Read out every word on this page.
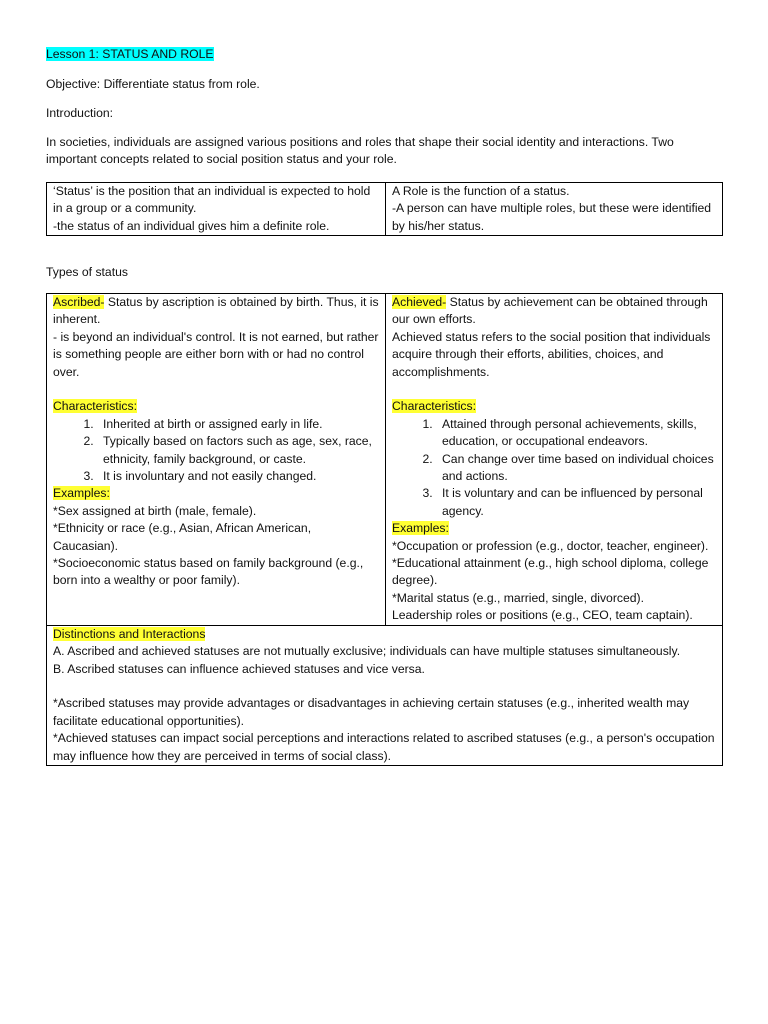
Lesson 1: STATUS AND ROLE

Objective: Differentiate status from role.

Introduction:

In societies, individuals are assigned various positions and roles that shape their social identity and interactions. Two important concepts related to social position status and your role.

‘Status’ is the position that an individual is expected to hold in a group or a community.
-the status of an individual gives him a definite role.

A Role is the function of a status.
-A person can have multiple roles, but these were identified by his/her status.

Types of status

Ascribed- Status by ascription is obtained by birth. Thus, it is inherent.
- is beyond an individual's control. It is not earned, but rather is something people are either born with or had no control over.
Characteristics:
1. Inherited at birth or assigned early in life.
2. Typically based on factors such as age, sex, race, ethnicity, family background, or caste.
3. It is involuntary and not easily changed.
Examples:
*Sex assigned at birth (male, female).
*Ethnicity or race (e.g., Asian, African American, Caucasian).
*Socioeconomic status based on family background (e.g., born into a wealthy or poor family).

Achieved- Status by achievement can be obtained through our own efforts.
Achieved status refers to the social position that individuals acquire through their efforts, abilities, choices, and accomplishments.
Characteristics:
1. Attained through personal achievements, skills, education, or occupational endeavors.
2. Can change over time based on individual choices and actions.
3. It is voluntary and can be influenced by personal agency.
Examples:
*Occupation or profession (e.g., doctor, teacher, engineer).
*Educational attainment (e.g., high school diploma, college degree).
*Marital status (e.g., married, single, divorced).
Leadership roles or positions (e.g., CEO, team captain).

Distinctions and Interactions
A. Ascribed and achieved statuses are not mutually exclusive; individuals can have multiple statuses simultaneously.
B. Ascribed statuses can influence achieved statuses and vice versa.
*Ascribed statuses may provide advantages or disadvantages in achieving certain statuses (e.g., inherited wealth may facilitate educational opportunities).
*Achieved statuses can impact social perceptions and interactions related to ascribed statuses (e.g., a person's occupation may influence how they are perceived in terms of social class).
